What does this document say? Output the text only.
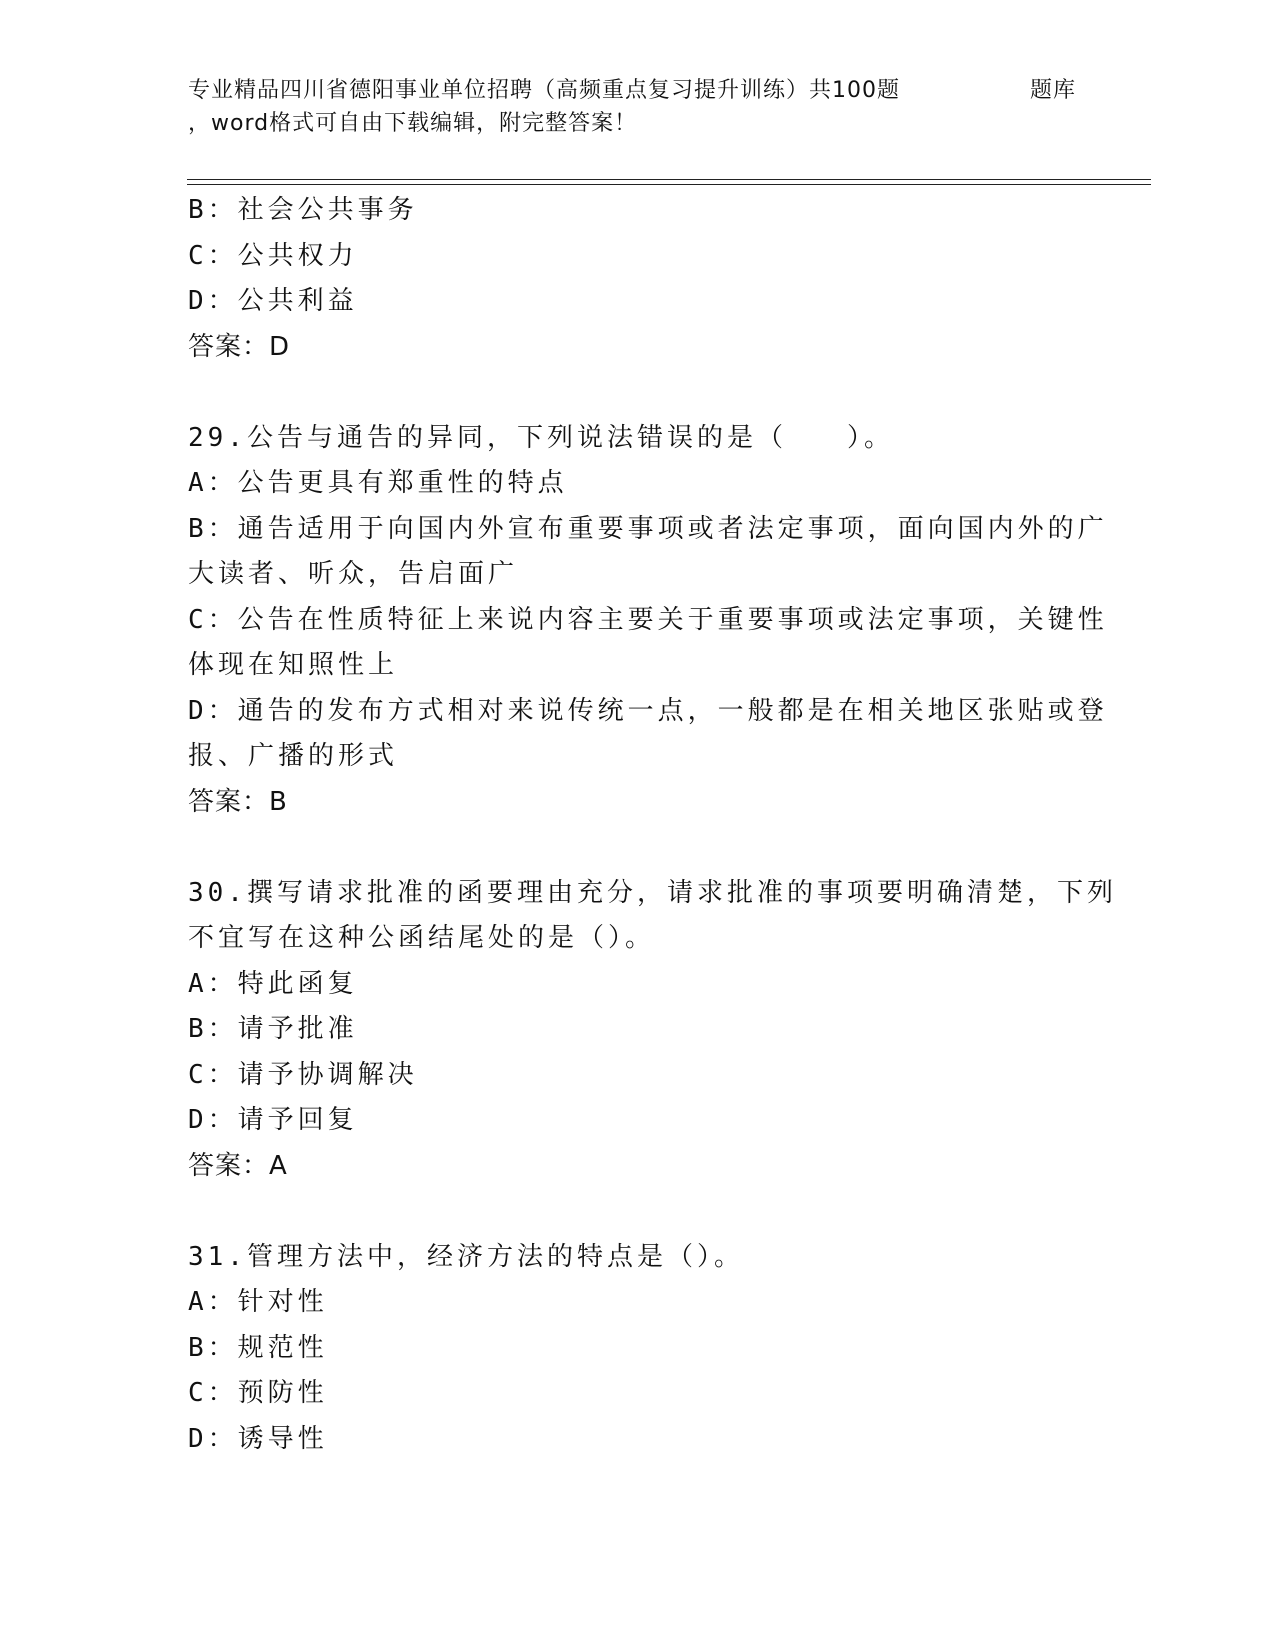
专业精品四川省德阳事业单位招聘（高频重点复习提升训练）共100题	题库
，word格式可自由下载编辑，附完整答案！
B：社会公共事务
C：公共权力
D：公共利益
答案：D
29.公告与通告的异同，下列说法错误的是（　　）。
A：公告更具有郑重性的特点
B：通告适用于向国内外宣布重要事项或者法定事项，面向国内外的广
大读者、听众，告启面广
C：公告在性质特征上来说内容主要关于重要事项或法定事项，关键性
体现在知照性上
D：通告的发布方式相对来说传统一点，一般都是在相关地区张贴或登
报、广播的形式
答案：B
30.撰写请求批准的函要理由充分，请求批准的事项要明确清楚，下列
不宜写在这种公函结尾处的是（）。
A：特此函复
B：请予批准
C：请予协调解决
D：请予回复
答案：A
31.管理方法中，经济方法的特点是（）。
A：针对性
B：规范性
C：预防性
D：诱导性
